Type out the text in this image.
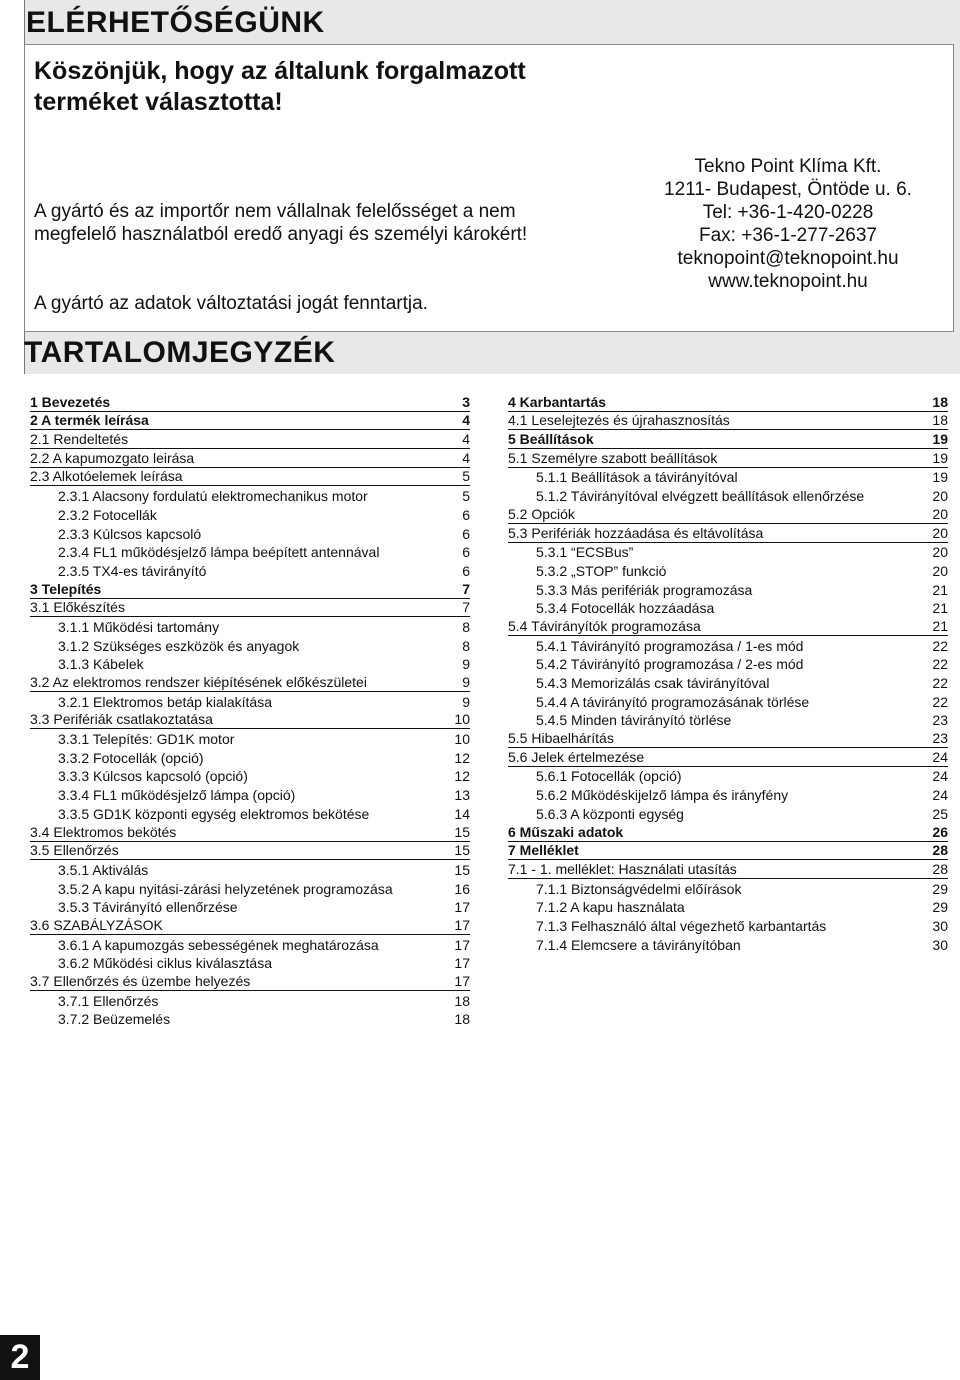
ELÉRHETŐSÉGÜNK
Köszönjük, hogy az általunk forgalmazott terméket választotta!
A gyártó és az importőr nem vállalnak felelősséget a nem megfelelő használatból eredő anyagi és személyi károkért!
A gyártó az adatok változtatási jogát fenntartja.
Tekno Point Klíma Kft.
1211- Budapest, Öntöde u. 6.
Tel: +36-1-420-0228
Fax: +36-1-277-2637
teknopoint@teknopoint.hu
www.teknopoint.hu
TARTALOMJEGYZÉK
1 Bevezetés	3
2 A termék leírása	4
2.1 Rendeltetés	4
2.2 A kapumozgato leirása	4
2.3 Alkotóelemek leírása	5
2.3.1 Alacsony fordulatú elektromechanikus motor	5
2.3.2 Fotocellák	6
2.3.3 Kúlcsos kapcsoló	6
2.3.4 FL1 működésjelző lámpa beépített antennával	6
2.3.5 TX4-es távirányító	6
3 Telepítés	7
3.1 Előkészítés	7
3.1.1 Működési tartomány	8
3.1.2 Szükséges eszközök és anyagok	8
3.1.3 Kábelek	9
3.2 Az elektromos rendszer kiépítésének előkészületei	9
3.2.1 Elektromos betáp kialakítása	9
3.3 Perifériák csatlakoztatása	10
3.3.1 Telepítés: GD1K motor	10
3.3.2 Fotocellák (opció)	12
3.3.3 Kúlcsos kapcsoló (opció)	12
3.3.4 FL1 működésjelző lámpa (opció)	13
3.3.5 GD1K központi egység elektromos bekötése	14
3.4 Elektromos bekötés	15
3.5 Ellenőrzés	15
3.5.1 Aktiválás	15
3.5.2 A kapu nyitási-zárási helyzetének programozása	16
3.5.3 Távirányító ellenőrzése	17
3.6 SZABÁLYZÁSOK	17
3.6.1 A kapumozgás sebességének meghatározása	17
3.6.2 Működési ciklus kiválasztása	17
3.7 Ellenőrzés és üzembe helyezés	17
3.7.1 Ellenőrzés	18
3.7.2 Beüzemelés	18
4 Karbantartás	18
4.1 Leselejtezés és újrahasznosítás	18
5 Beállítások	19
5.1 Személyre szabott beállítások	19
5.1.1 Beállítások a távirányítóval	19
5.1.2 Távirányítóval elvégzett beállítások ellenőrzése	20
5.2 Opciók	20
5.3 Perifériák hozzáadása és eltávolítása	20
5.3.1 “ECSBus”	20
5.3.2 „STOP” funkció	20
5.3.3 Más perifériák programozása	21
5.3.4 Fotocellák hozzáadása	21
5.4 Távirányítók programozása	21
5.4.1 Távirányító programozása / 1-es mód	22
5.4.2 Távirányító programozása / 2-es mód	22
5.4.3 Memorizálás csak távirányítóval	22
5.4.4 A távirányító programozásának törlése	22
5.4.5 Minden távirányító törlése	23
5.5 Hibaelhárítás	23
5.6 Jelek értelmezése	24
5.6.1 Fotocellák (opció)	24
5.6.2 Működéskijelző lámpa és irányfény	24
5.6.3 A központi egység	25
6 Műszaki adatok	26
7 Melléklet	28
7.1 - 1. melléklet: Használati utasítás	28
7.1.1 Biztonságvédelmi előírások	29
7.1.2 A kapu használata	29
7.1.3 Felhasználó által végezhető karbantartás	30
7.1.4 Elemcsere a távirányítóban	30
2
